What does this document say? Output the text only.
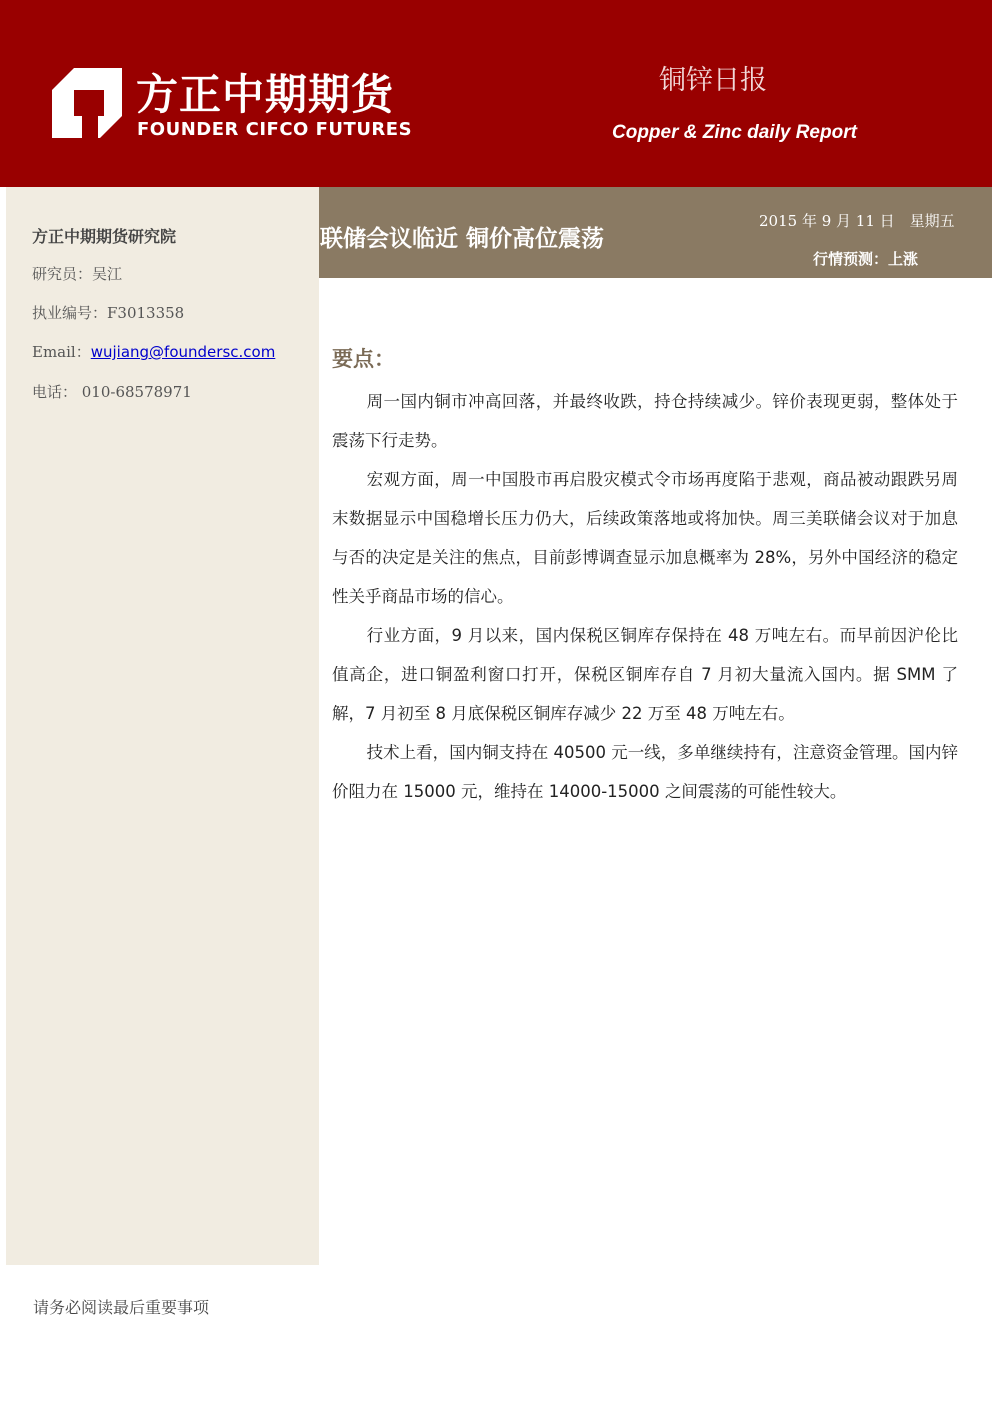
方正中期期货
FOUNDER CIFCO FUTURES
铜锌日报
Copper & Zinc daily Report
方正中期期货研究院
研究员：吴江
执业编号：F3013358
Email：wujiang@foundersc.com
电话： 010-68578971
联储会议临近 铜价高位震荡
2015 年 9 月 11 日　星期五
行情预测：上涨
要点：

周一国内铜市冲高回落，并最终收跌，持仓持续减少。锌价表现更弱，整体处于震荡下行走势。

宏观方面，周一中国股市再启股灾模式令市场再度陷于悲观，商品被动跟跌另周末数据显示中国稳增长压力仍大，后续政策落地或将加快。周三美联储会议对于加息与否的决定是关注的焦点，目前彭博调查显示加息概率为 28%，另外中国经济的稳定性关乎商品市场的信心。

行业方面，9 月以来，国内保税区铜库存保持在 48 万吨左右。而早前因沪伦比值高企，进口铜盈利窗口打开，保税区铜库存自 7 月初大量流入国内。据 SMM 了解，7 月初至 8 月底保税区铜库存减少 22 万至 48 万吨左右。

技术上看，国内铜支持在 40500 元一线，多单继续持有，注意资金管理。国内锌价阻力在 15000 元，维持在 14000-15000 之间震荡的可能性较大。

请务必阅读最后重要事项
